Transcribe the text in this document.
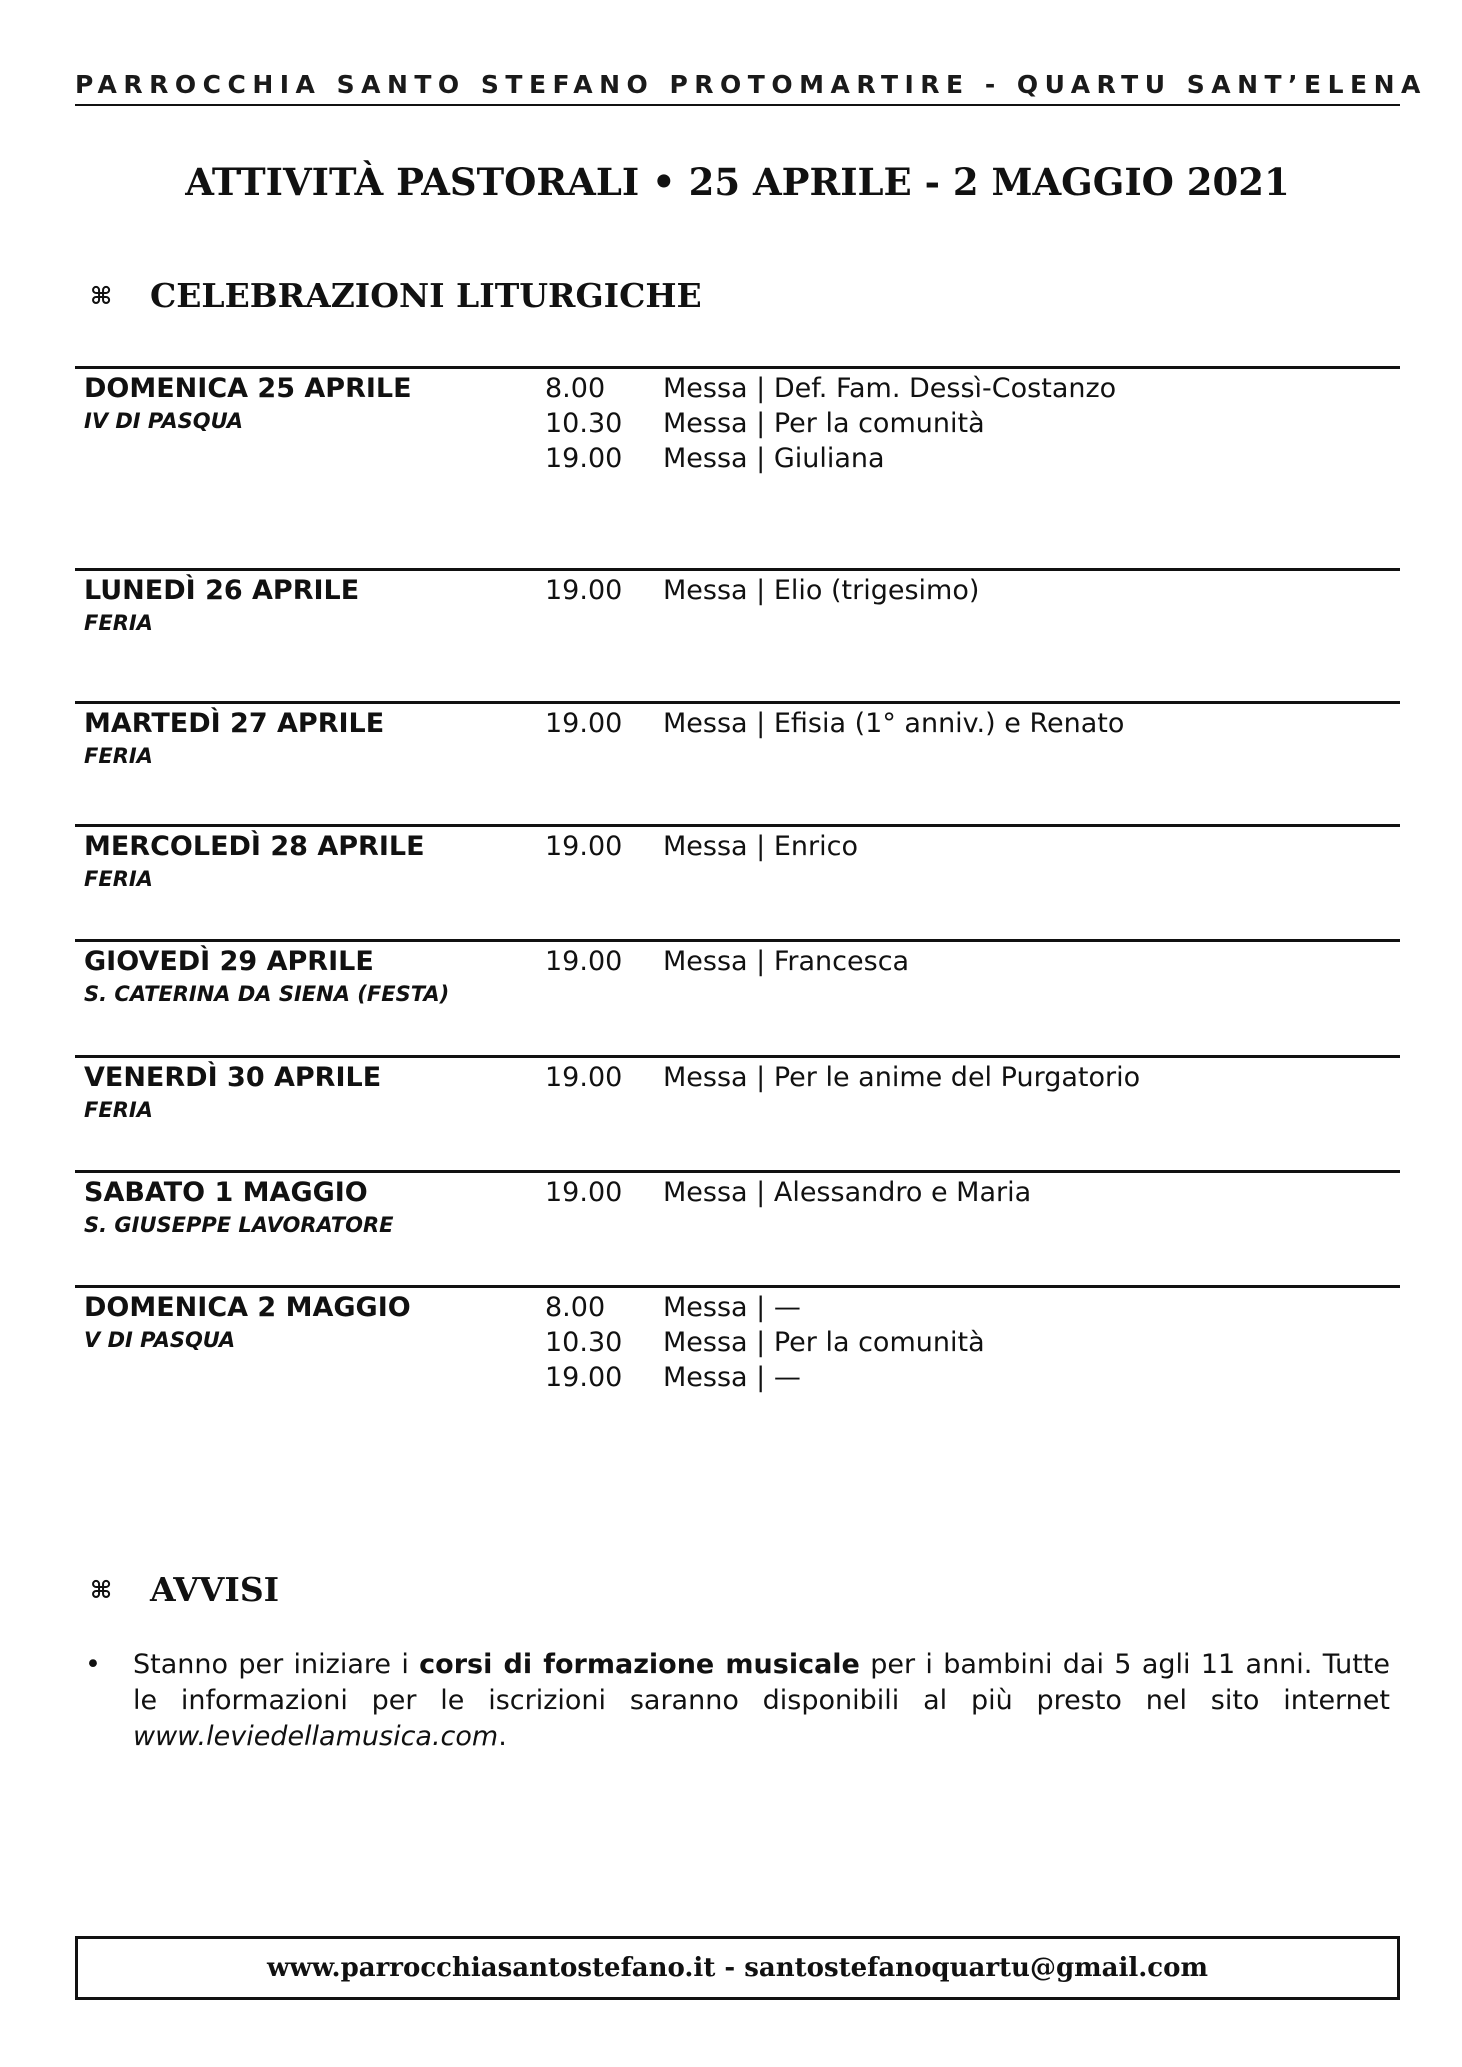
PARROCCHIA SANTO STEFANO PROTOMARTIRE - QUARTU SANT’ELENA
ATTIVITÀ PASTORALI • 25 APRILE - 2 MAGGIO 2021
⌘	CELEBRAZIONI LITURGICHE
DOMENICA 25 APRILE
IV DI PASQUA
8.00	Messa | Def. Fam. Dessì-Costanzo
10.30	Messa | Per la comunità
19.00	Messa | Giuliana
LUNEDÌ 26 APRILE
FERIA
19.00	Messa | Elio (trigesimo)
MARTEDÌ 27 APRILE
FERIA
19.00	Messa | Efisia (1° anniv.) e Renato
MERCOLEDÌ 28 APRILE
FERIA
19.00	Messa | Enrico
GIOVEDÌ 29 APRILE
S. CATERINA DA SIENA (FESTA)
19.00	Messa | Francesca
VENERDÌ 30 APRILE
FERIA
19.00	Messa | Per le anime del Purgatorio
SABATO 1 MAGGIO
S. GIUSEPPE LAVORATORE
19.00	Messa | Alessandro e Maria
DOMENICA 2 MAGGIO
V DI PASQUA
8.00	Messa | —
10.30	Messa | Per la comunità
19.00	Messa | —
⌘	AVVISI
• Stanno per iniziare i corsi di formazione musicale per i bambini dai 5 agli 11 anni. Tutte le informazioni per le iscrizioni saranno disponibili al più presto nel sito internet www.leviedellamusica.com.
www.parrocchiasantostefano.it - santostefanoquartu@gmail.com
